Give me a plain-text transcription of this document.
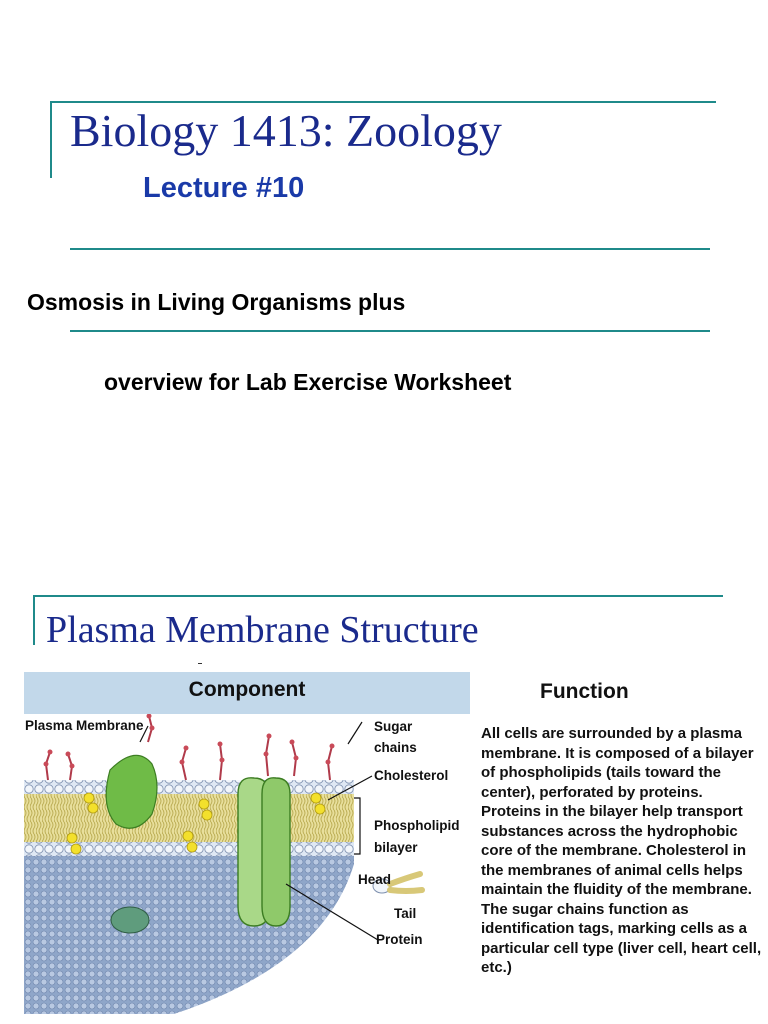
Biology 1413: Zoology
Lecture #10
Osmosis in Living Organisms plus
overview for Lab Exercise Worksheet
Plasma Membrane Structure
Component
Plasma Membrane	Sugar
chains
Cholesterol
Phospholipid
bilayer
Head
Tail
Protein
Function
All cells are surrounded by a plasma membrane. It is composed of a bilayer of phospholipids (tails toward the center), perforated by proteins. Proteins in the bilayer help transport substances across the hydrophobic core of the membrane. Cholesterol in the membranes of animal cells helps maintain the fluidity of the membrane. The sugar chains function as identification tags, marking cells as a particular cell type (liver cell, heart cell, etc.)
